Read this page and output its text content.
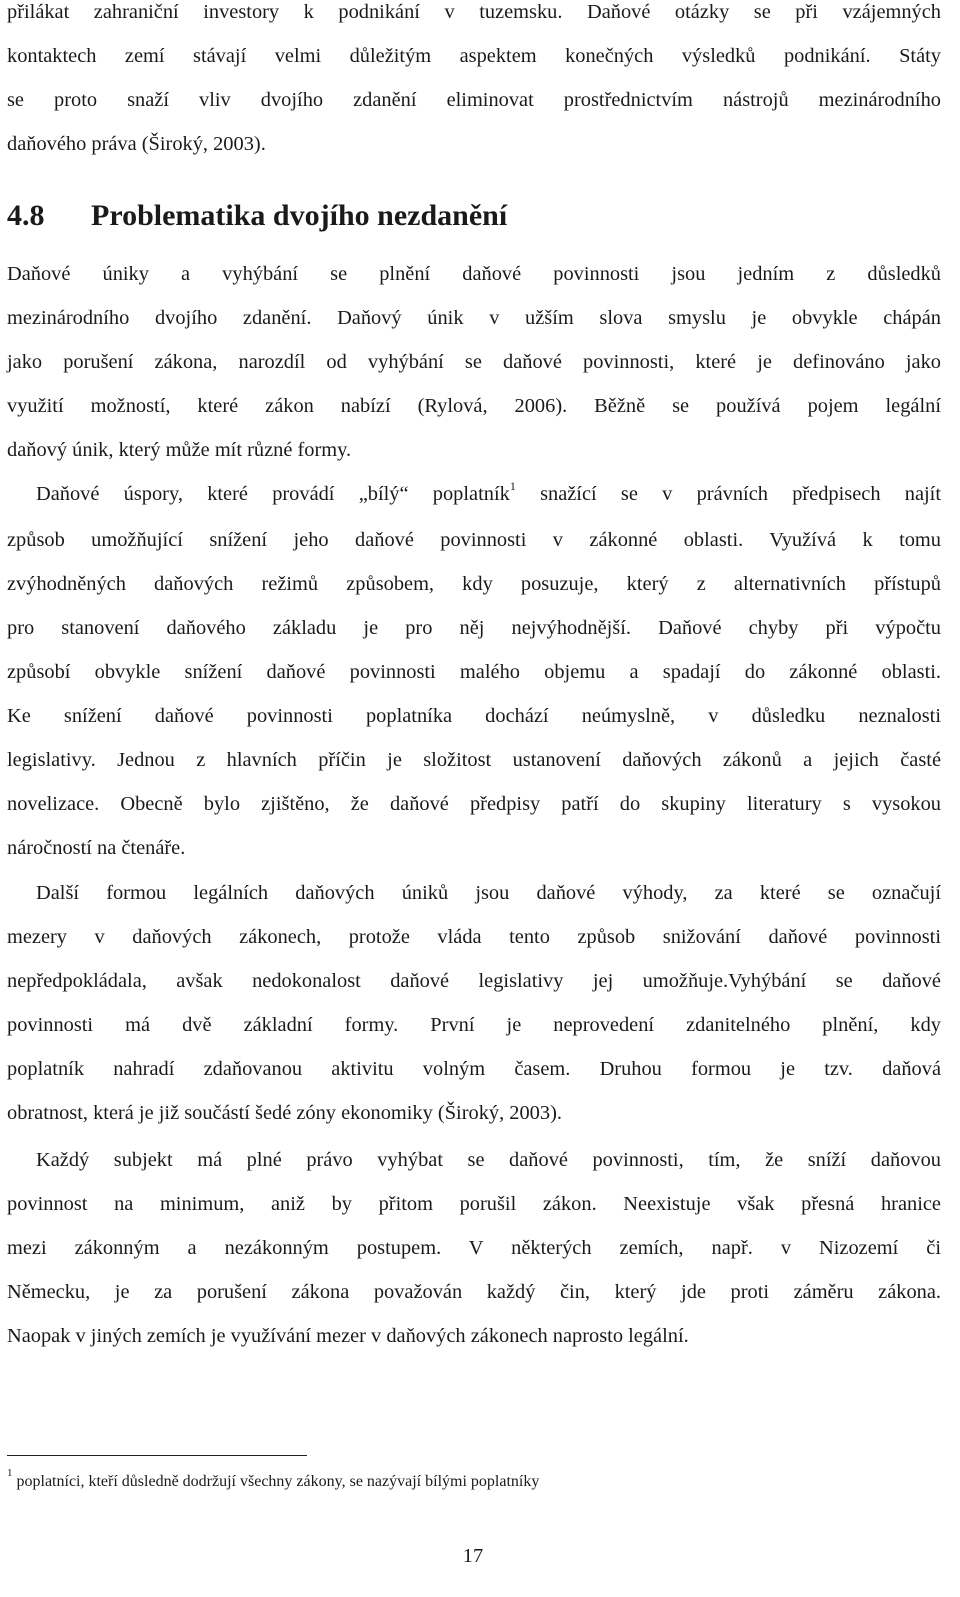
přilákat zahraniční investory k podnikání v tuzemsku. Daňové otázky se při vzájemných
kontaktech zemí stávají velmi důležitým aspektem konečných výsledků podnikání. Státy
se proto snaží vliv dvojího zdanění eliminovat prostřednictvím nástrojů mezinárodního
daňového práva (Široký, 2003).
4.8 Problematika dvojího nezdanění
Daňové úniky a vyhýbání se plnění daňové povinnosti jsou jedním z důsledků
mezinárodního dvojího zdanění. Daňový únik v užším slova smyslu je obvykle chápán
jako porušení zákona, narozdíl od vyhýbání se daňové povinnosti, které je definováno jako
využití možností, které zákon nabízí (Rylová, 2006). Běžně se používá pojem legální
daňový únik, který může mít různé formy.
Daňové úspory, které provádí „bílý“ poplatník$^1$ snažící se v právních předpisech najít
způsob umožňující snížení jeho daňové povinnosti v zákonné oblasti. Využívá k tomu
zvýhodněných daňových režimů způsobem, kdy posuzuje, který z alternativních přístupů
pro stanovení daňového základu je pro něj nejvýhodnější. Daňové chyby při výpočtu
způsobí obvykle snížení daňové povinnosti malého objemu a spadají do zákonné oblasti.
Ke snížení daňové povinnosti poplatníka dochází neúmyslně, v důsledku neznalosti
legislativy. Jednou z hlavních příčin je složitost ustanovení daňových zákonů a jejich časté
novelizace. Obecně bylo zjištěno, že daňové předpisy patří do skupiny literatury s vysokou
náročností na čtenáře.
Další formou legálních daňových úniků jsou daňové výhody, za které se označují
mezery v daňových zákonech, protože vláda tento způsob snižování daňové povinnosti
nepředpokládala, avšak nedokonalost daňové legislativy jej umožňuje.Vyhýbání se daňové
povinnosti má dvě základní formy. První je neprovedení zdanitelného plnění, kdy
poplatník nahradí zdaňovanou aktivitu volným časem. Druhou formou je tzv. daňová
obratnost, která je již součástí šedé zóny ekonomiky (Široký, 2003).
Každý subjekt má plné právo vyhýbat se daňové povinnosti, tím, že sníží daňovou
povinnost na minimum, aniž by přitom porušil zákon. Neexistuje však přesná hranice
mezi zákonným a nezákonným postupem. V některých zemích, např. v Nizozemí či
Německu, je za porušení zákona považován každý čin, který jde proti záměru zákona.
Naopak v jiných zemích je využívání mezer v daňových zákonech naprosto legální.
$^1$poplatníci, kteří důsledně dodržují všechny zákony, se nazývají bílými poplatníky
17
